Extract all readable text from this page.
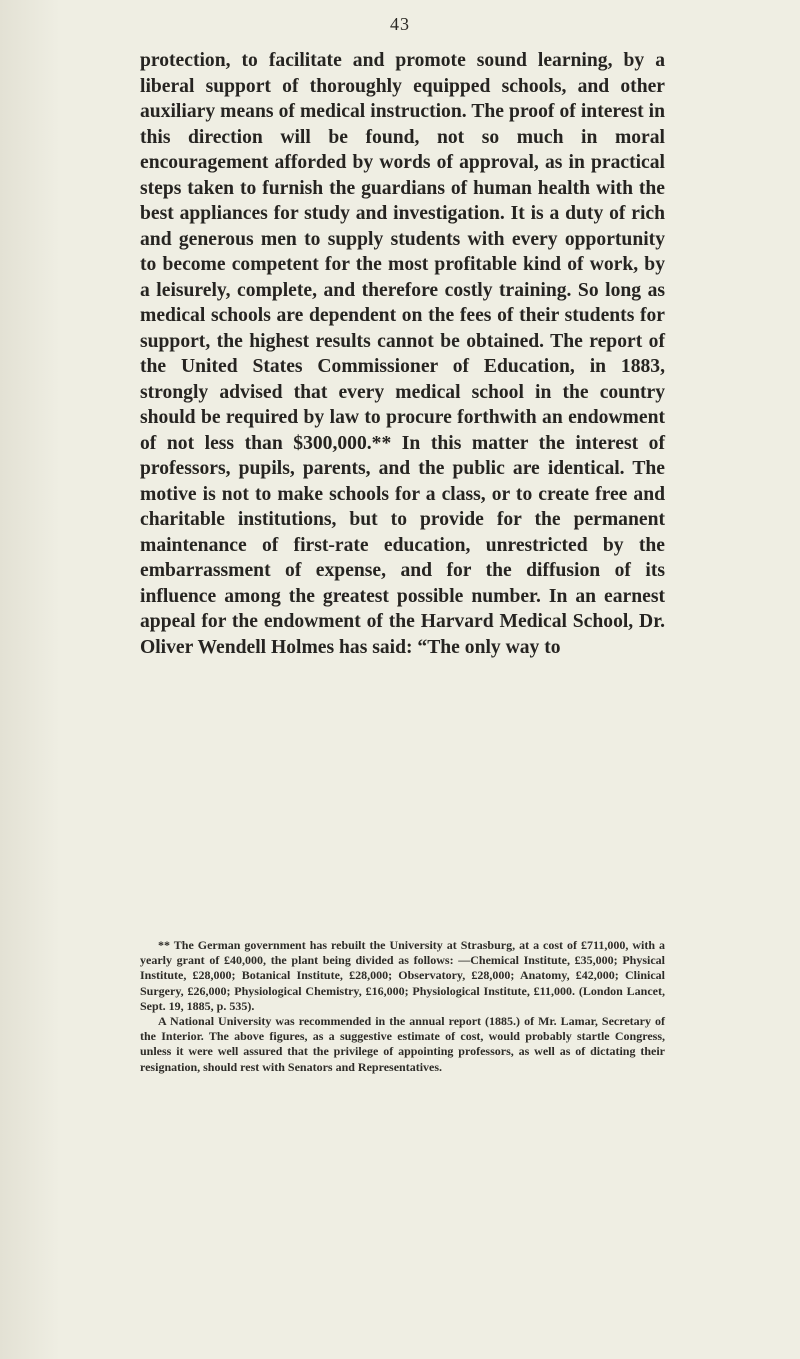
43

protection, to facilitate and promote sound learning, by a liberal support of thoroughly equipped schools, and other auxiliary means of medical instruction. The proof of interest in this direction will be found, not so much in moral encouragement afforded by words of approval, as in practical steps taken to furnish the guardians of human health with the best appliances for study and investigation. It is a duty of rich and generous men to supply students with every opportunity to become competent for the most profitable kind of work, by a leisurely, complete, and therefore costly training. So long as medical schools are dependent on the fees of their students for support, the highest results cannot be obtained. The report of the United States Commissioner of Education, in 1883, strongly advised that every medical school in the country should be required by law to procure forthwith an endowment of not less than $300,000.** In this matter the interest of professors, pupils, parents, and the public are identical. The motive is not to make schools for a class, or to create free and charitable institutions, but to provide for the permanent maintenance of first-rate education, unrestricted by the embarrassment of expense, and for the diffusion of its influence among the greatest possible number. In an earnest appeal for the endowment of the Harvard Medical School, Dr. Oliver Wendell Holmes has said: “The only way to

** The German government has rebuilt the University at Strasburg, at a cost of £711,000, with a yearly grant of £40,000, the plant being divided as follows: —Chemical Institute, £35,000; Physical Institute, £28,000; Botanical Institute, £28,000; Observatory, £28,000; Anatomy, £42,000; Clinical Surgery, £26,000; Physiological Chemistry, £16,000; Physiological Institute, £11,000. (London Lancet, Sept. 19, 1885, p. 535).

A National University was recommended in the annual report (1885.) of Mr. Lamar, Secretary of the Interior. The above figures, as a suggestive estimate of cost, would probably startle Congress, unless it were well assured that the privilege of appointing professors, as well as of dictating their resignation, should rest with Senators and Representatives.
